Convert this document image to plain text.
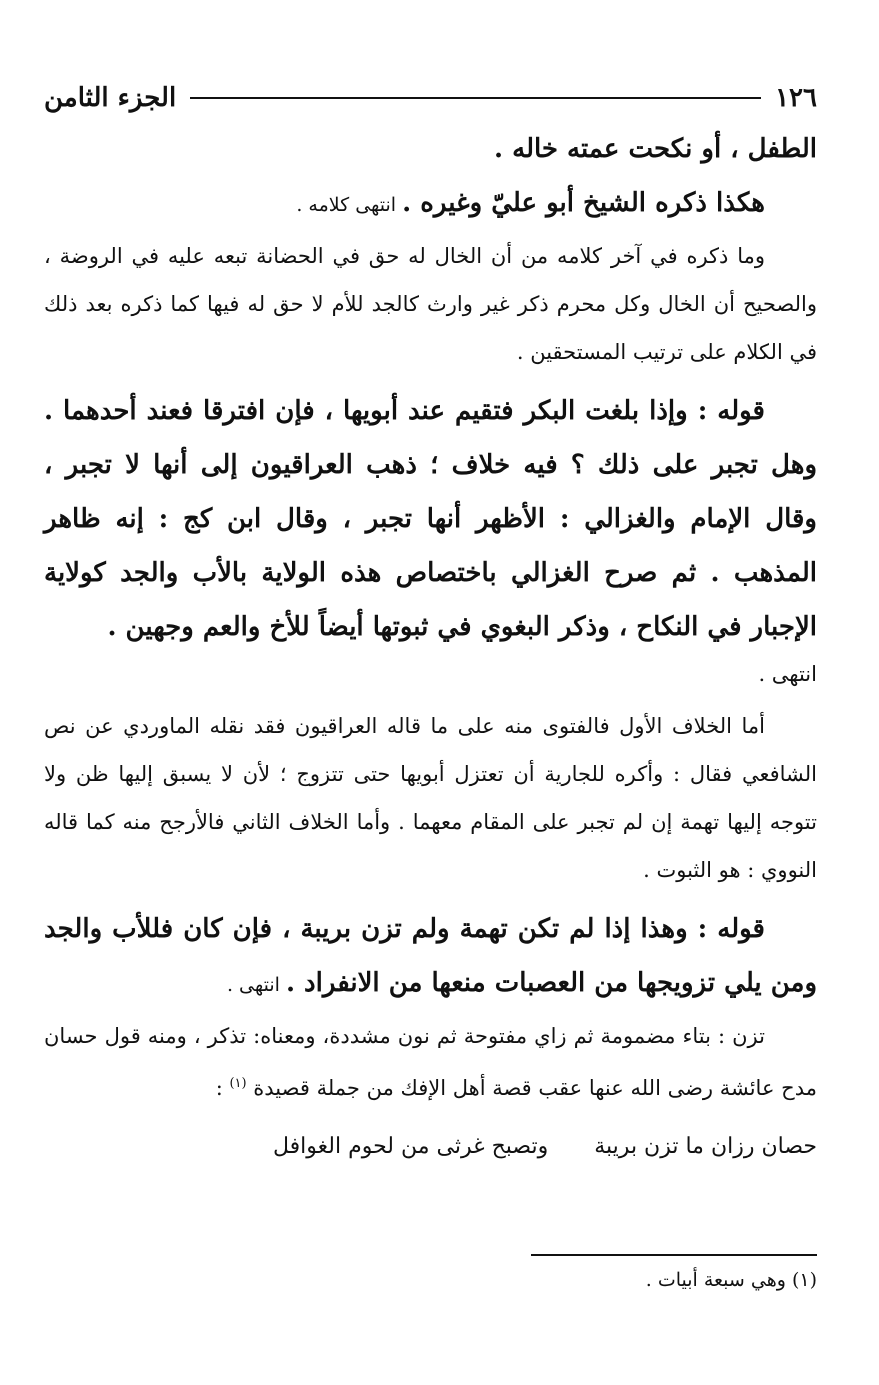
١٢٦
الجزء الثامن

الطفل ، أو نكحت عمته خاله .

هكذا ذكره الشيخ أبو عليّ وغيره . انتهى كلامه .

وما ذكره في آخر كلامه من أن الخال له حق في الحضانة تبعه عليه في الروضة ، والصحيح أن الخال وكل محرم ذكر غير وارث كالجد للأم لا حق له فيها كما ذكره بعد ذلك في الكلام على ترتيب المستحقين .

قوله : وإذا بلغت البكر فتقيم عند أبويها ، فإن افترقا فعند أحدهما . وهل تجبر على ذلك ؟ فيه خلاف ؛ ذهب العراقيون إلى أنها لا تجبر ، وقال الإمام والغزالي : الأظهر أنها تجبر ، وقال ابن كج : إنه ظاهر المذهب . ثم صرح الغزالي باختصاص هذه الولاية بالأب والجد كولاية الإجبار في النكاح ، وذكر البغوي في ثبوتها أيضاً للأخ والعم وجهين .

انتهى .

أما الخلاف الأول فالفتوى منه على ما قاله العراقيون فقد نقله الماوردي عن نص الشافعي فقال : وأكره للجارية أن تعتزل أبويها حتى تتزوج ؛ لأن لا يسبق إليها ظن ولا تتوجه إليها تهمة إن لم تجبر على المقام معهما . وأما الخلاف الثاني فالأرجح منه كما قاله النووي : هو الثبوت .

قوله : وهذا إذا لم تكن تهمة ولم تزن بريبة ، فإن كان فللأب والجد ومن يلي تزويجها من العصبات منعها من الانفراد . انتهى .

تزن : بتاء مضمومة ثم زاي مفتوحة ثم نون مشددة، ومعناه: تذكر ، ومنه قول حسان مدح عائشة رضى الله عنها عقب قصة أهل الإفك من جملة قصيدة $^{(١)}$ :

حصان رزان ما تزن بريبة
وتصبح غرثى من لحوم الغوافل
(١) وهي سبعة أبيات .
